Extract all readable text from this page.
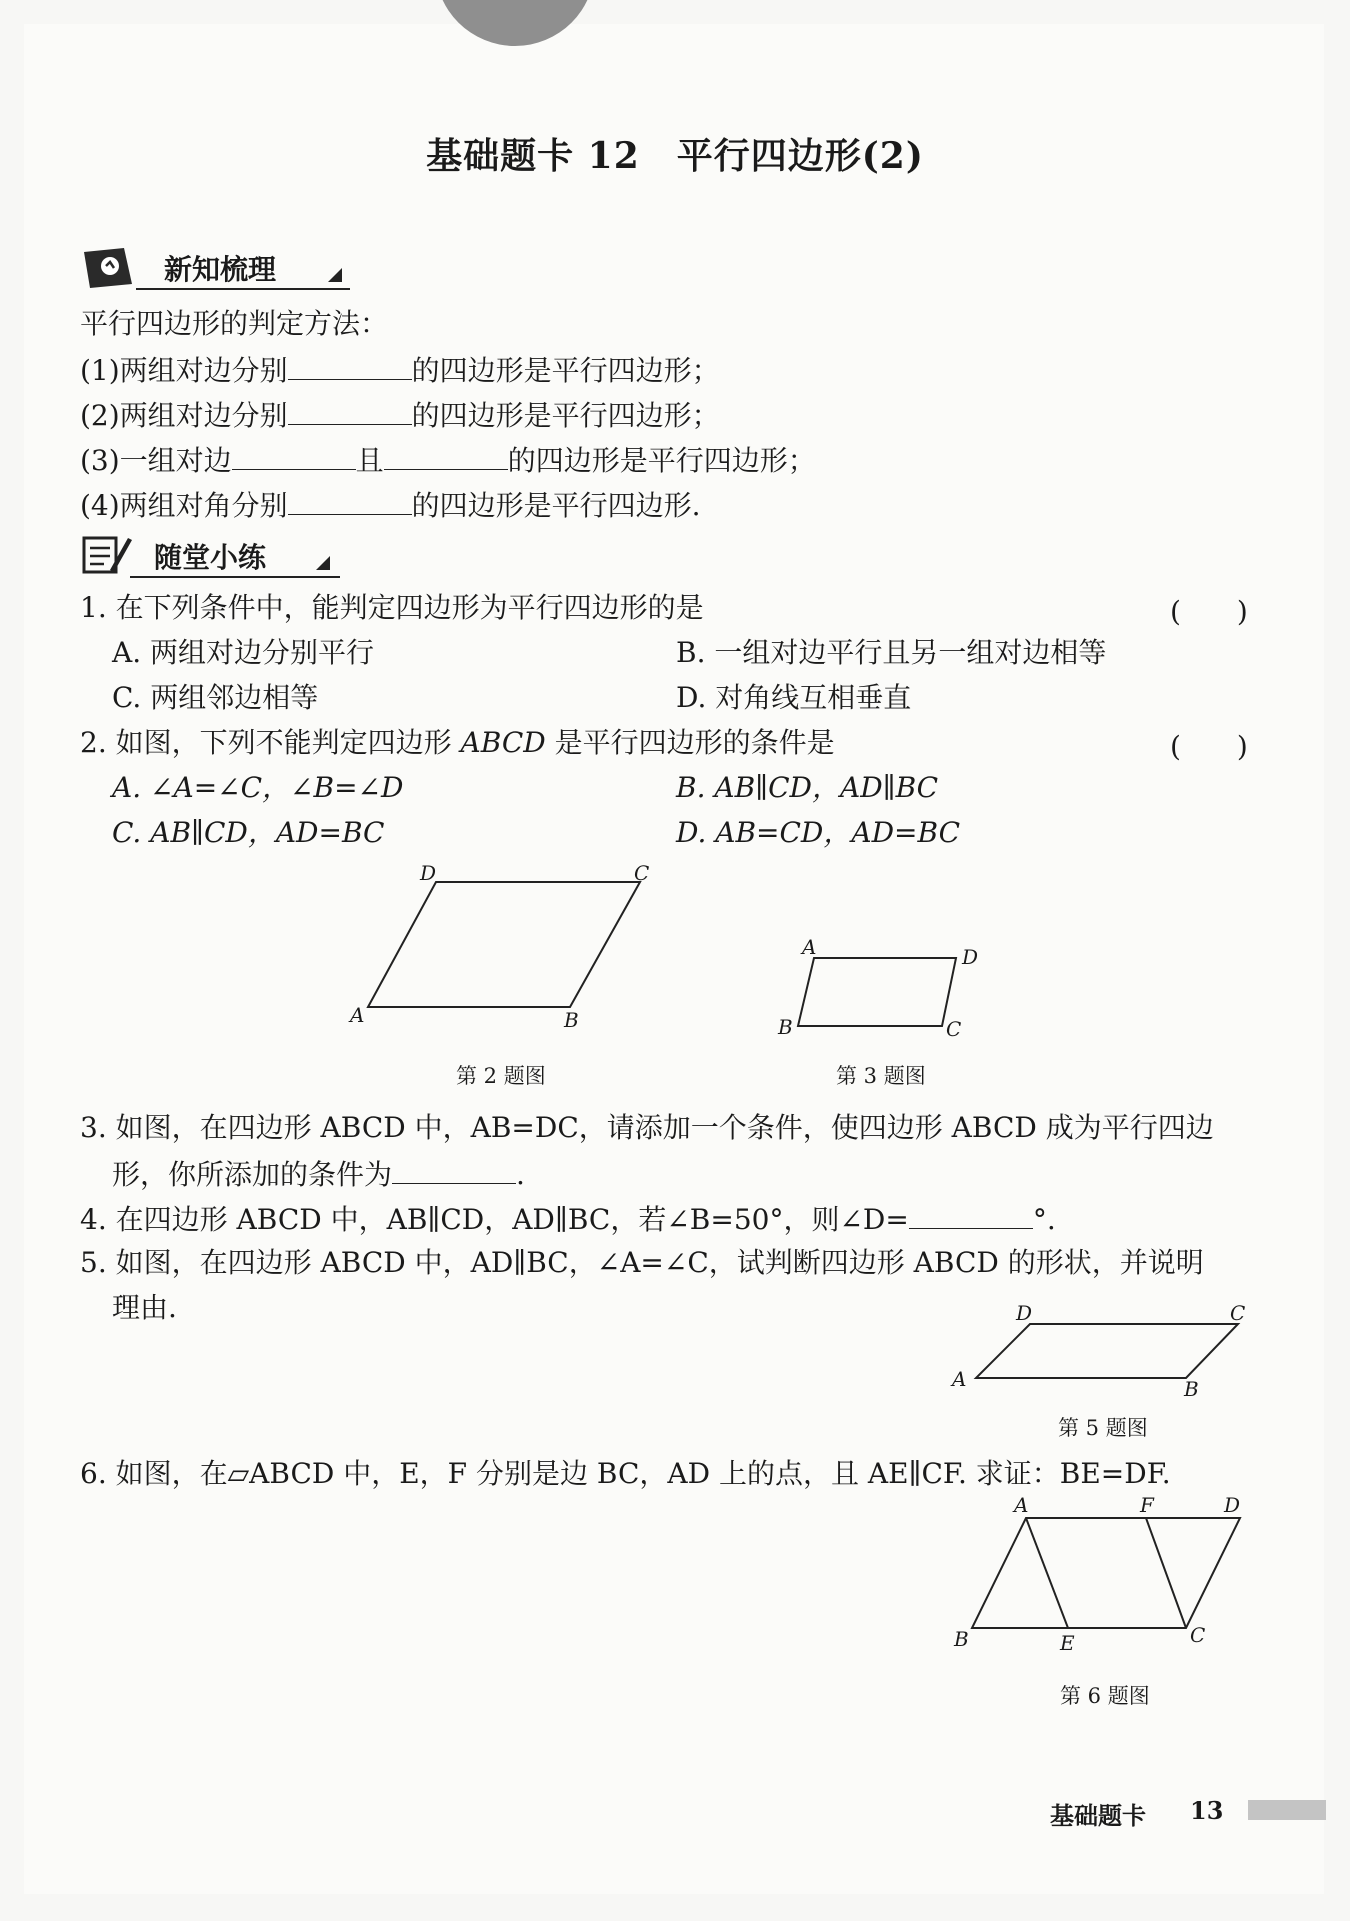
基础题卡 12　平行四边形(2)
新知梳理
平行四边形的判定方法：
(1)两组对边分别	的四边形是平行四边形；
(2)两组对边分别	的四边形是平行四边形；
(3)一组对边	且	的四边形是平行四边形；
(4)两组对角分别	的四边形是平行四边形.
随堂小练
1. 在下列条件中，能判定四边形为平行四边形的是	(　　)
A. 两组对边分别平行	B. 一组对边平行且另一组对边相等
C. 两组邻边相等	D. 对角线互相垂直
2. 如图，下列不能判定四边形 ABCD 是平行四边形的条件是	(　　)
A. ∠A=∠C，∠B=∠D	B. AB∥CD，AD∥BC
C. AB∥CD，AD=BC	D. AB=CD，AD=BC
D	C
A	B
第 2 题图
A	D
B	C
第 3 题图
3. 如图，在四边形 ABCD 中，AB=DC，请添加一个条件，使四边形 ABCD 成为平行四边
形，你所添加的条件为	.
4. 在四边形 ABCD 中，AB∥CD，AD∥BC，若∠B=50°，则∠D=	°.
5. 如图，在四边形 ABCD 中，AD∥BC，∠A=∠C，试判断四边形 ABCD 的形状，并说明
理由.	D	C
A	B
第 5 题图
6. 如图，在▱ABCD 中，E，F 分别是边 BC，AD 上的点，且 AE∥CF. 求证：BE=DF.
A	F	D
B	E	C
第 6 题图
基础题卡 13
